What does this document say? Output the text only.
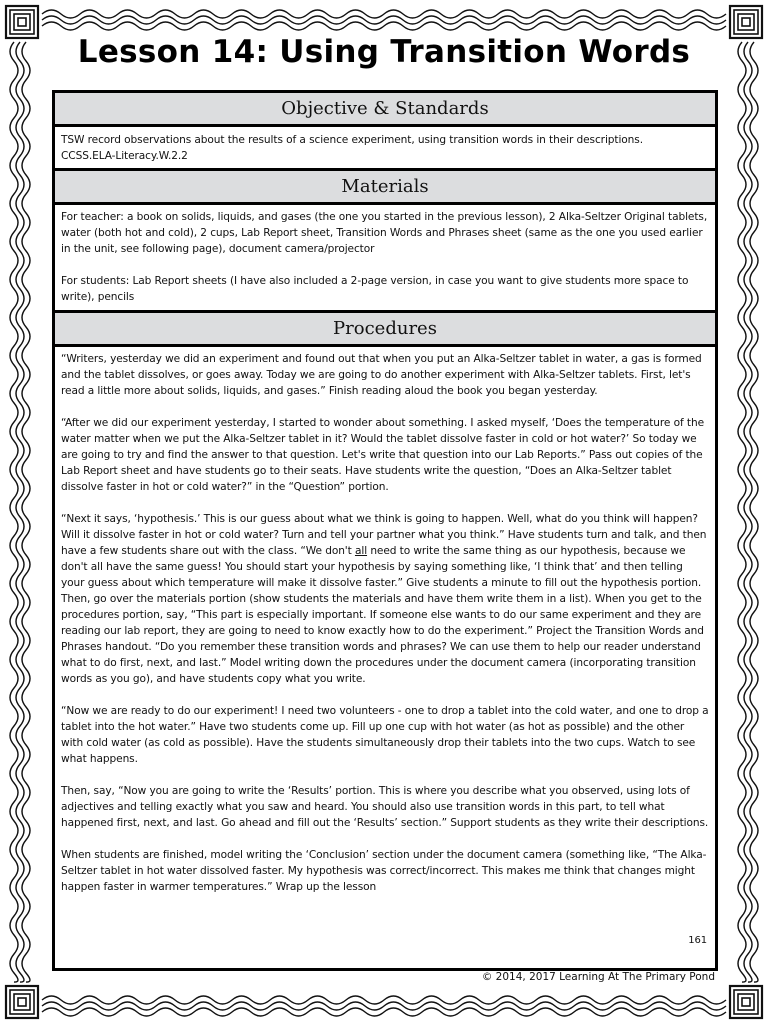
Lesson 14: Using Transition Words
Objective & Standards

TSW record observations about the results of a science experiment, using transition words in their descriptions.

CCSS.ELA-Literacy.W.2.2

Materials

For teacher: a book on solids, liquids, and gases (the one you started in the previous lesson), 2 Alka-Seltzer Original tablets, water (both hot and cold), 2 cups, Lab Report sheet, Transition Words and Phrases sheet (same as the one you used earlier in the unit, see following page), document camera/projector

For students: Lab Report sheets (I have also included a 2-page version, in case you want to give students more space to write), pencils

Procedures

“Writers, yesterday we did an experiment and found out that when you put an Alka-Seltzer tablet in water, a gas is formed and the tablet dissolves, or goes away. Today we are going to do another experiment with Alka-Seltzer tablets. First, let's read a little more about solids, liquids, and gases.” Finish reading aloud the book you began yesterday.

“After we did our experiment yesterday, I started to wonder about something. I asked myself, ‘Does the temperature of the water matter when we put the Alka-Seltzer tablet in it? Would the tablet dissolve faster in cold or hot water?’ So today we are going to try and find the answer to that question. Let's write that question into our Lab Reports.” Pass out copies of the Lab Report sheet and have students go to their seats. Have students write the question, “Does an Alka-Seltzer tablet dissolve faster in hot or cold water?” in the “Question” portion.

“Next it says, ‘hypothesis.’ This is our guess about what we think is going to happen. Well, what do you think will happen? Will it dissolve faster in hot or cold water? Turn and tell your partner what you think.” Have students turn and talk, and then have a few students share out with the class. “We don't all need to write the same thing as our hypothesis, because we don't all have the same guess! You should start your hypothesis by saying something like, ‘I think that’ and then telling your guess about which temperature will make it dissolve faster.” Give students a minute to fill out the hypothesis portion. Then, go over the materials portion (show students the materials and have them write them in a list). When you get to the procedures portion, say, “This part is especially important. If someone else wants to do our same experiment and they are reading our lab report, they are going to need to know exactly how to do the experiment.” Project the Transition Words and Phrases handout. “Do you remember these transition words and phrases? We can use them to help our reader understand what to do first, next, and last.” Model writing down the procedures under the document camera (incorporating transition words as you go), and have students copy what you write.

“Now we are ready to do our experiment! I need two volunteers - one to drop a tablet into the cold water, and one to drop a tablet into the hot water.” Have two students come up. Fill up one cup with hot water (as hot as possible) and the other with cold water (as cold as possible). Have the students simultaneously drop their tablets into the two cups. Watch to see what happens.

Then, say, “Now you are going to write the ‘Results’ portion. This is where you describe what you observed, using lots of adjectives and telling exactly what you saw and heard. You should also use transition words in this part, to tell what happened first, next, and last. Go ahead and fill out the ‘Results’ section.” Support students as they write their descriptions.

When students are finished, model writing the ‘Conclusion’ section under the document camera (something like, “The Alka-Seltzer tablet in hot water dissolved faster. My hypothesis was correct/incorrect. This makes me think that changes might happen faster in warmer temperatures.” Wrap up the lesson

161
© 2014, 2017 Learning At The Primary Pond
